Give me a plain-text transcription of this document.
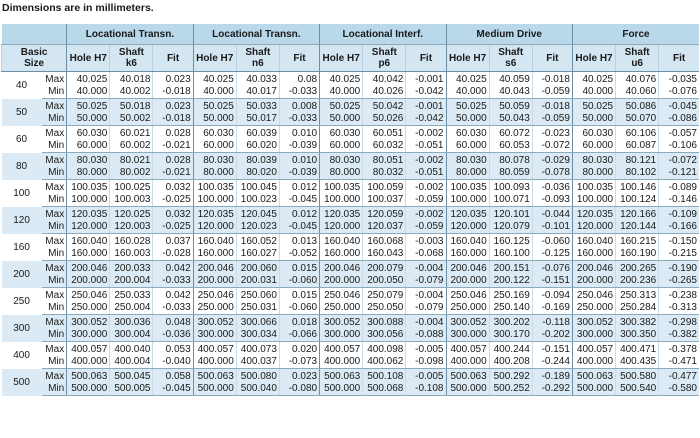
Dimensions are in millimeters.
		Locational Transn.			Locational Transn.			Locational Interf.			Medium Drive			Force		
Basic Size		Hole H7	Shaft k6	Fit	Hole H7	Shaft n6	Fit	Hole H7	Shaft p6	Fit	Hole H7	Shaft s6	Fit	Hole H7	Shaft u6	Fit
40	Max	40.025	40.018	0.023	40.025	40.033	0.08	40.025	40.042	-0.001	40.025	40.059	-0.018	40.025	40.076	-0.035
	Min	40.000	40.002	-0.018	40.000	40.017	-0.033	40.000	40.026	-0.042	40.000	40.043	-0.059	40.000	40.060	-0.076
50	Max	50.025	50.018	0.023	50.025	50.033	0.008	50.025	50.042	-0.001	50.025	50.059	-0.018	50.025	50.086	-0.045
	Min	50.000	50.002	-0.018	50.000	50.017	-0.033	50.000	50.026	-0.042	50.000	50.043	-0.059	50.000	50.070	-0.086
60	Max	60.030	60.021	0.028	60.030	60.039	0.010	60.030	60.051	-0.002	60.030	60.072	-0.023	60.030	60.106	-0.057
	Min	60.000	60.002	-0.021	60.000	60.020	-0.039	60.000	60.032	-0.051	60.000	60.053	-0.072	60.000	60.087	-0.106
80	Max	80.030	80.021	0.028	80.030	80.039	0.010	80.030	80.051	-0.002	80.030	80.078	-0.029	80.030	80.121	-0.072
	Min	80.000	80.002	-0.021	80.000	80.020	-0.039	80.000	80.032	-0.051	80.000	80.059	-0.078	80.000	80.102	-0.121
100	Max	100.035	100.025	0.032	100.035	100.045	0.012	100.035	100.059	-0.002	100.035	100.093	-0.036	100.035	100.146	-0.089
	Min	100.000	100.003	-0.025	100.000	100.023	-0.045	100.000	100.037	-0.059	100.000	100.071	-0.093	100.000	100.124	-0.146
120	Max	120.035	120.025	0.032	120.035	120.045	0.012	120.035	120.059	-0.002	120.035	120.101	-0.044	120.035	120.166	-0.109
	Min	120.000	120.003	-0.025	120.000	120.023	-0.045	120.000	120.037	-0.059	120.000	120.079	-0.101	120.000	120.144	-0.166
160	Max	160.040	160.028	0.037	160.040	160.052	0.013	160.040	160.068	-0.003	160.040	160.125	-0.060	160.040	160.215	-0.150
	Min	160.000	160.003	-0.028	160.000	160.027	-0.052	160.000	160.043	-0.068	160.000	160.100	-0.125	160.000	160.190	-0.215
200	Max	200.046	200.033	0.042	200.046	200.060	0.015	200.046	200.079	-0.004	200.046	200.151	-0.076	200.046	200.265	-0.190
	Min	200.000	200.004	-0.033	200.000	200.031	-0.060	200.000	200.050	-0.079	200.000	200.122	-0.151	200.000	200.236	-0.265
250	Max	250.046	250.033	0.042	250.046	250.060	0.015	250.046	250.079	-0.004	250.046	250.169	-0.094	250.046	250.313	-0.238
	Min	250.000	250.004	-0.033	250.000	250.031	-0.060	250.000	250.050	-0.079	250.000	250.140	-0.169	250.000	250.284	-0.313
300	Max	300.052	300.036	0.048	300.052	300.066	0.018	300.052	300.088	-0.004	300.052	300.202	-0.118	300.052	300.382	-0.298
	Min	300.000	300.004	-0.036	300.000	300.034	-0.066	300.000	300.056	-0.088	300.000	300.170	-0.202	300.000	300.350	-0.382
400	Max	400.057	400.040	0.053	400.057	400.073	0.020	400.057	400.098	-0.005	400.057	400.244	-0.151	400.057	400.471	-0.378
	Min	400.000	400.004	-0.040	400.000	400.037	-0.073	400.000	400.062	-0.098	400.000	400.208	-0.244	400.000	400.435	-0.471
500	Max	500.063	500.045	0.058	500.063	500.080	0.023	500.063	500.108	-0.005	500.063	500.292	-0.189	500.063	500.580	-0.477
	Min	500.000	500.005	-0.045	500.000	500.040	-0.080	500.000	500.068	-0.108	500.000	500.252	-0.292	500.000	500.540	-0.580
